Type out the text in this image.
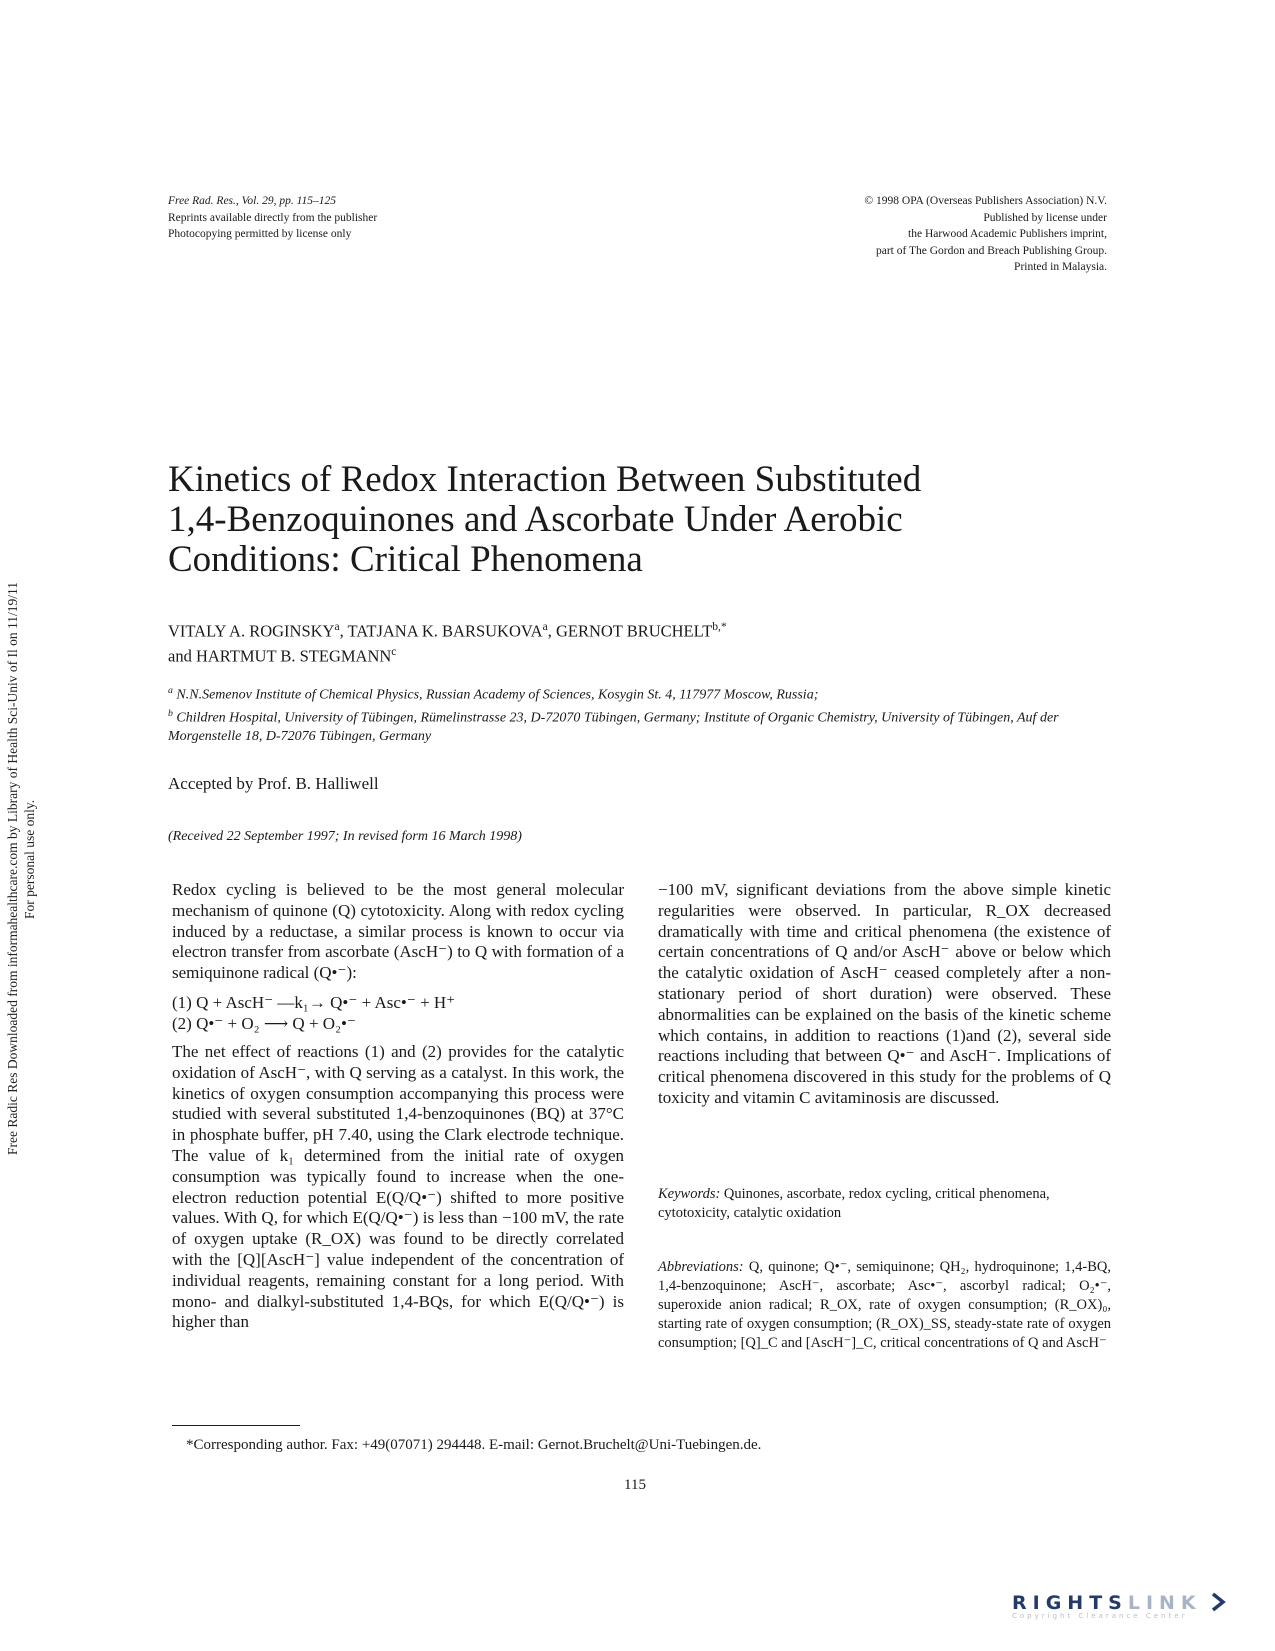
Free Radic Res Downloaded from informahealthcare.com by Library of Health Sci-Univ of Il on 11/19/11 For personal use only.
Free Rad. Res., Vol. 29, pp. 115–125
Reprints available directly from the publisher
Photocopying permitted by license only
© 1998 OPA (Overseas Publishers Association) N.V.
Published by license under
the Harwood Academic Publishers imprint,
part of The Gordon and Breach Publishing Group.
Printed in Malaysia.
Kinetics of Redox Interaction Between Substituted
1,4-Benzoquinones and Ascorbate Under Aerobic
Conditions: Critical Phenomena
VITALY A. ROGINSKY$^a$, TATJANA K. BARSUKOVA$^a$, GERNOT $BRUCHELT^{b,*}$
and HARTMUT B. STEGMANN$^c$
$^a$ N.N.Semenov Institute of Chemical Physics, Russian Academy of Sciences, Kosygin St. 4, 117977 Moscow, Russia;
$^b$ Children Hospital, University of Tübingen, Rümelinstrasse 23, D-72070 Tübingen, Germany; Institute of Organic Chemistry, University of Tübingen, Auf der Morgenstelle 18, D-72076 Tübingen, Germany
Accepted by Prof. B. Halliwell
(Received 22 September 1997; In revised form 16 March 1998)

Redox cycling is believed to be the most general molecular mechanism of quinone (Q) cytotoxicity. Along with redox cycling induced by a reductase, a similar process is known to occur via electron transfer from ascorbate (AscH⁻) to Q with formation of a semiquinone radical (Q•⁻):

(1) Q + AscH⁻ —k₁→ Q•⁻ + Asc•⁻ + H⁺
(2) Q•⁻ + O₂ ⟶ Q + O₂•⁻

The net effect of reactions (1) and (2) provides for the catalytic oxidation of AscH⁻, with Q serving as a catalyst. In this work, the kinetics of oxygen consumption accompanying this process were studied with several substituted 1,4-benzoquinones (BQ) at 37°C in phosphate buffer, pH 7.40, using the Clark electrode technique. The value of k₁ determined from the initial rate of oxygen consumption was typically found to increase when the one-electron reduction potential E(Q/Q•⁻) shifted to more positive values. With Q, for which E(Q/Q•⁻) is less than −100 mV, the rate of oxygen uptake (R_OX) was found to be directly correlated with the [Q][AscH⁻] value independent of the concentration of individual reagents, remaining constant for a long period. With mono- and dialkyl-substituted 1,4-BQs, for which E(Q/Q•⁻) is higher than

−100 mV, significant deviations from the above simple kinetic regularities were observed. In particular, R_OX decreased dramatically with time and critical phenomena (the existence of certain concentrations of Q and/or AscH⁻ above or below which the catalytic oxidation of AscH⁻ ceased completely after a non-stationary period of short duration) were observed. These abnormalities can be explained on the basis of the kinetic scheme which contains, in addition to reactions (1)and (2), several side reactions including that between Q•⁻ and AscH⁻. Implications of critical phenomena discovered in this study for the problems of Q toxicity and vitamin C avitaminosis are discussed.

Keywords: Quinones, ascorbate, redox cycling, critical phenomena, cytotoxicity, catalytic oxidation
Abbreviations: Q, quinone; Q•⁻, semiquinone; QH₂, hydroquinone; 1,4-BQ, 1,4-benzoquinone; AscH⁻, ascorbate; Asc•⁻, ascorbyl radical; O₂•⁻, superoxide anion radical; R_OX, rate of oxygen consumption; (R_OX)₀, starting rate of oxygen consumption; (R_OX)_SS, steady-state rate of oxygen consumption; [Q]_C and [AscH⁻]_C, critical concentrations of Q and AscH⁻
*Corresponding author. Fax: +49(07071) 294448. E-mail: Gernot.Bruchelt@Uni-Tuebingen.de.
115
RIGHTSLINK
Copyright Clearance Center
